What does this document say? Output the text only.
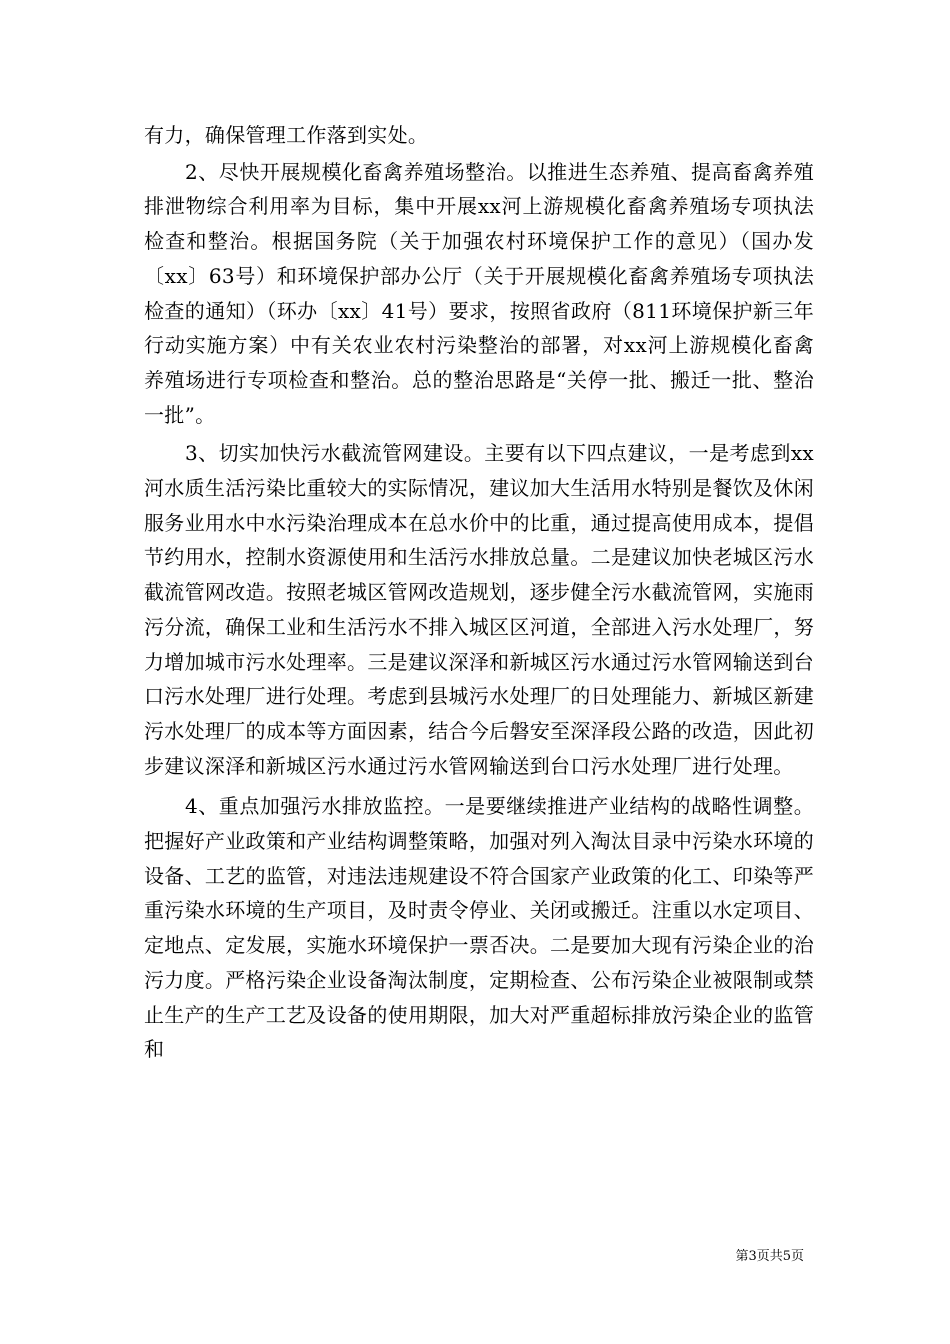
有力，确保管理工作落到实处。

2、尽快开展规模化畜禽养殖场整治。以推进生态养殖、提高畜禽养殖排泄物综合利用率为目标，集中开展xx河上游规模化畜禽养殖场专项执法检查和整治。根据国务院（关于加强农村环境保护工作的意见）（国办发〔xx〕63号）和环境保护部办公厅（关于开展规模化畜禽养殖场专项执法检查的通知）（环办〔xx〕41号）要求，按照省政府（811环境保护新三年行动实施方案）中有关农业农村污染整治的部署，对xx河上游规模化畜禽养殖场进行专项检查和整治。总的整治思路是“关停一批、搬迁一批、整治一批”。

3、切实加快污水截流管网建设。主要有以下四点建议，一是考虑到xx河水质生活污染比重较大的实际情况，建议加大生活用水特别是餐饮及休闲服务业用水中水污染治理成本在总水价中的比重，通过提高使用成本，提倡节约用水，控制水资源使用和生活污水排放总量。二是建议加快老城区污水截流管网改造。按照老城区管网改造规划，逐步健全污水截流管网，实施雨污分流，确保工业和生活污水不排入城区区河道，全部进入污水处理厂，努力增加城市污水处理率。三是建议深泽和新城区污水通过污水管网输送到台口污水处理厂进行处理。考虑到县城污水处理厂的日处理能力、新城区新建污水处理厂的成本等方面因素，结合今后磐安至深泽段公路的改造，因此初步建议深泽和新城区污水通过污水管网输送到台口污水处理厂进行处理。

4、重点加强污水排放监控。一是要继续推进产业结构的战略性调整。把握好产业政策和产业结构调整策略，加强对列入淘汰目录中污染水环境的设备、工艺的监管，对违法违规建设不符合国家产业政策的化工、印染等严重污染水环境的生产项目，及时责令停业、关闭或搬迁。注重以水定项目、定地点、定发展，实施水环境保护一票否决。二是要加大现有污染企业的治污力度。严格污染企业设备淘汰制度，定期检查、公布污染企业被限制或禁止生产的生产工艺及设备的使用期限，加大对严重超标排放污染企业的监管和

第3页共5页
